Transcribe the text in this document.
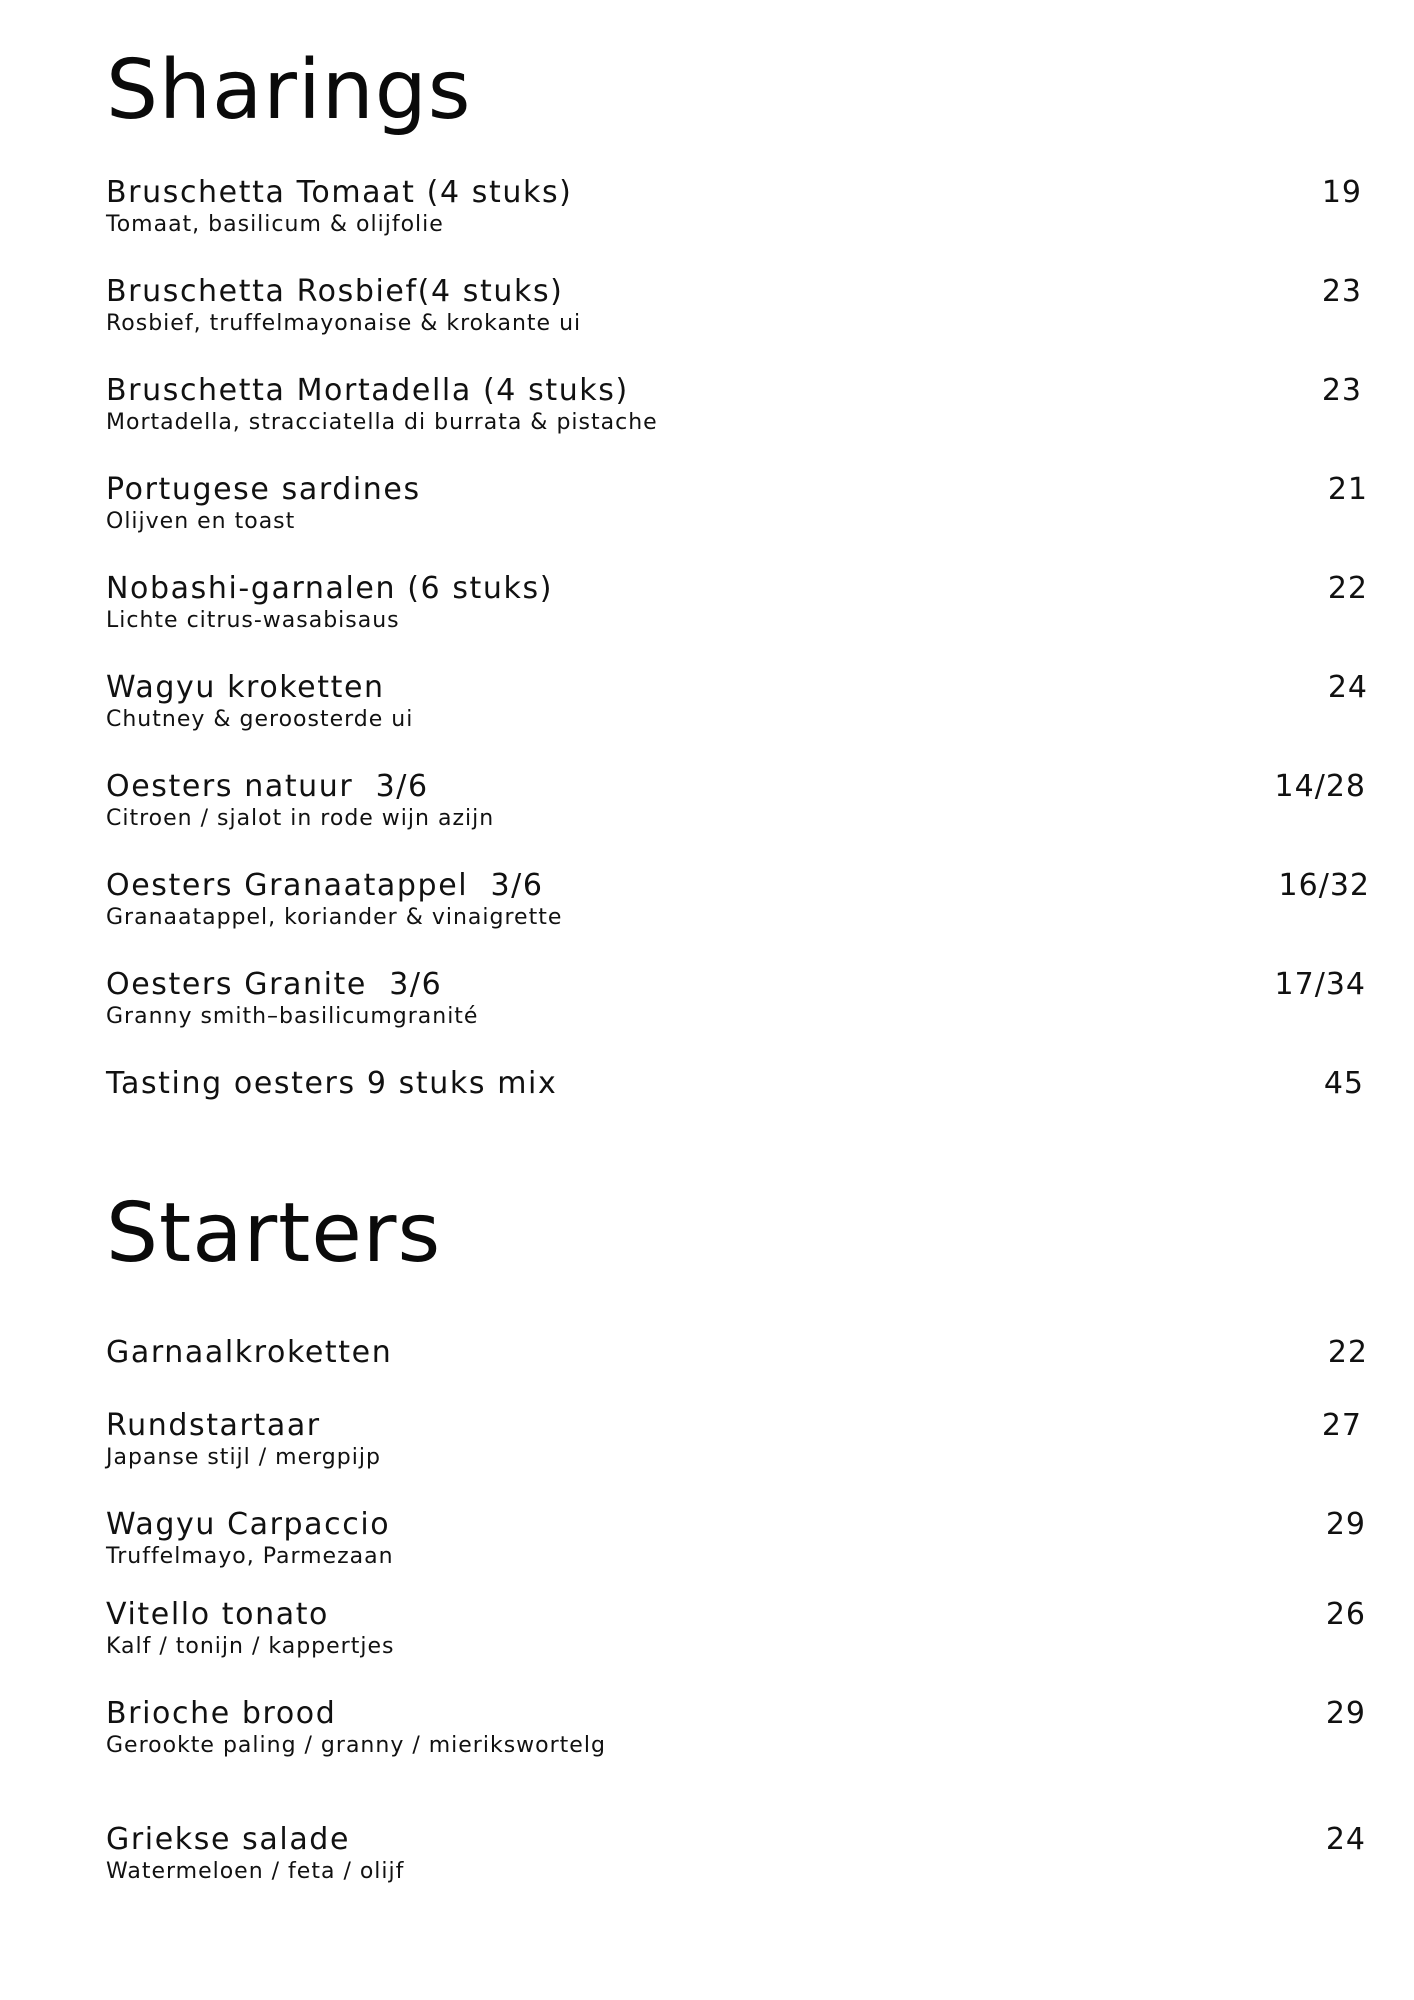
Sharings
Bruschetta Tomaat (4 stuks)
Tomaat, basilicum & olijfolie
19
Bruschetta Rosbief(4 stuks)
Rosbief, truffelmayonaise & krokante ui
23
Bruschetta Mortadella (4 stuks)
Mortadella, stracciatella di burrata & pistache
23
Portugese sardines
Olijven en toast
21
Nobashi-garnalen (6 stuks)
Lichte citrus-wasabisaus
22
Wagyu kroketten
Chutney & geroosterde ui
24
Oesters natuur  3/6
Citroen / sjalot in rode wijn azijn
14/28
Oesters Granaatappel  3/6
Granaatappel, koriander & vinaigrette
16/32
Oesters Granite  3/6
Granny smith–basilicumgranité
17/34
Tasting oesters 9 stuks mix	45
Starters
Garnaalkroketten	22
Rundstartaar
Japanse stijl / mergpijp
27
Wagyu Carpaccio
Truffelmayo, Parmezaan
29
Vitello tonato
Kalf / tonijn / kappertjes
26
Brioche brood
Gerookte paling / granny / mierikswortelg
29
Griekse salade
Watermeloen / feta / olijf
24
